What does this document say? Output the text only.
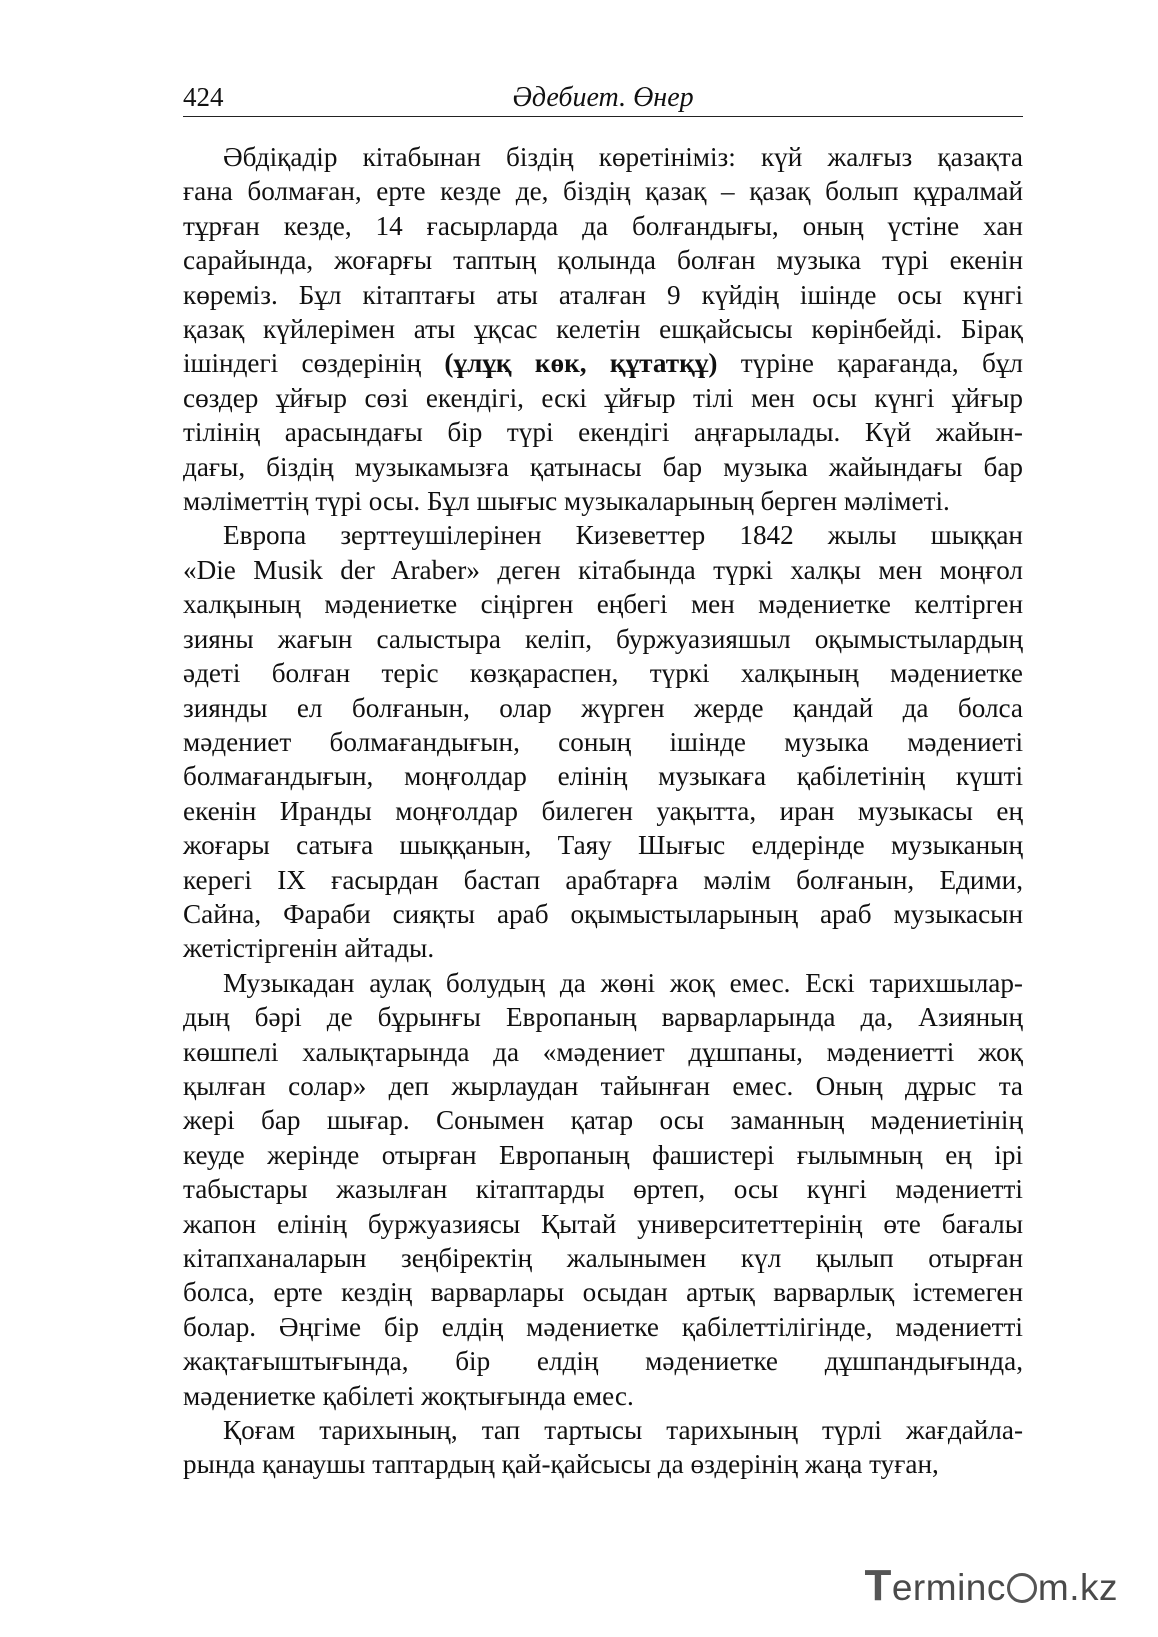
424	Әдебиет. Өнер

Әбдіқадір кітабынан біздің көретініміз: күй жалғыз қазақта
ғана болмаған, ерте кезде де, біздің қазақ – қазақ болып құралмай
тұрған кезде, 14 ғасырларда да болғандығы, оның үстіне хан
сарайында, жоғарғы таптың қолында болған музыка түрі екенін
көреміз. Бұл кітаптағы аты аталған 9 күйдің ішінде осы күнгі
қазақ күйлерімен аты ұқсас келетін ешқайсысы көрінбейді. Бірақ
ішіндегі сөздерінің (ұлұқ көк, құтатқұ) түріне қарағанда, бұл
сөздер ұйғыр сөзі екендігі, ескі ұйғыр тілі мен осы күнгі ұйғыр
тілінің арасындағы бір түрі екендігі аңғарылады. Күй жайын-
дағы, біздің музыкамызға қатынасы бар музыка жайындағы бар
мәліметтің түрі осы. Бұл шығыс музыкаларының берген мәліметі.

Европа зерттеушілерінен Кизеветтер 1842 жылы шыққан
«Die Musik der Araber» деген кітабында түркі халқы мен моңғол
халқының мәдениетке сіңірген еңбегі мен мәдениетке келтірген
зияны жағын салыстыра келіп, буржуазияшыл оқымыстылардың
әдеті болған теріс көзқараспен, түркі халқының мәдениетке
зиянды ел болғанын, олар жүрген жерде қандай да болса
мәдениет болмағандығын, соның ішінде музыка мәдениеті
болмағандығын, моңғолдар елінің музыкаға қабілетінің күшті
екенін Иранды моңғолдар билеген уақытта, иран музыкасы ең
жоғары сатыға шыққанын, Таяу Шығыс елдерінде музыканың
керегі IX ғасырдан бастап арабтарға мәлім болғанын, Едими,
Сайна, Фараби сияқты араб оқымыстыларының араб музыкасын
жетістіргенін айтады.

Музыкадан аулақ болудың да жөні жоқ емес. Ескі тарихшылар-
дың бәрі де бұрынғы Европаның варварларында да, Азияның
көшпелі халықтарында да «мәдениет дұшпаны, мәдениетті жоқ
қылған солар» деп жырлаудан тайынған емес. Оның дұрыс та
жері бар шығар. Сонымен қатар осы заманның мәдениетінің
кеуде жерінде отырған Европаның фашистері ғылымның ең ірі
табыстары жазылған кітаптарды өртеп, осы күнгі мәдениетті
жапон елінің буржуазиясы Қытай университеттерінің өте бағалы
кітапханаларын зеңбіректің жалынымен күл қылып отырған
болса, ерте кездің варварлары осыдан артық варварлық істемеген
болар. Әңгіме бір елдің мәдениетке қабілеттілігінде, мәдениетті
жақтағыштығында, бір елдің мәдениетке дұшпандығында,
мәдениетке қабілеті жоқтығында емес.

Қоғам тарихының, тап тартысы тарихының түрлі жағдайла-
рында қанаушы таптардың қай-қайсысы да өздерінің жаңа туған,

Terminc m.kz
